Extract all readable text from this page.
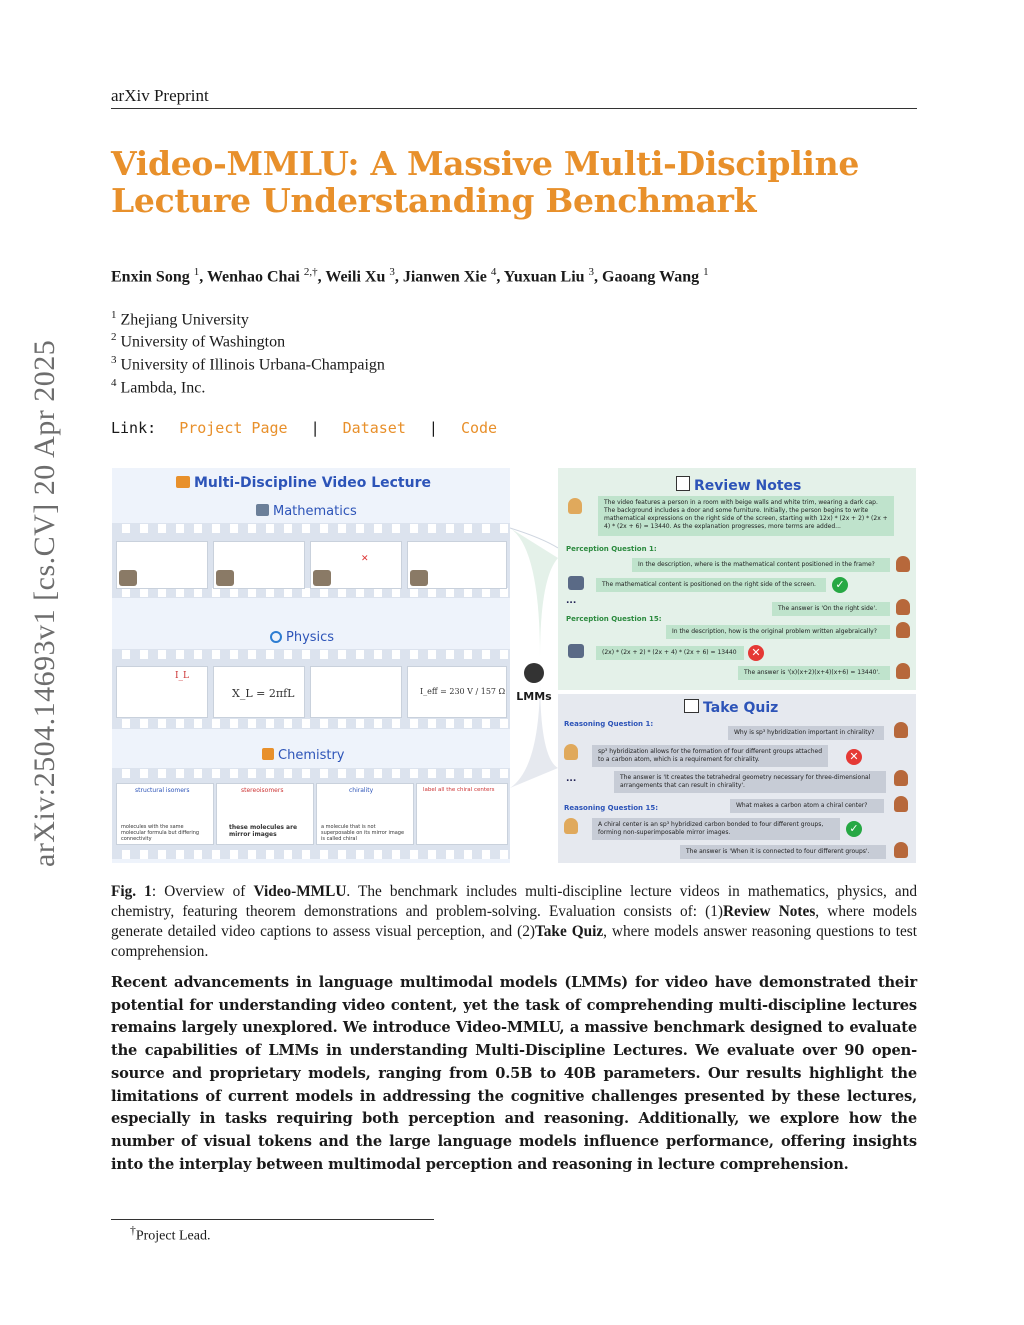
arXiv Preprint
arXiv:2504.14693v1 [cs.CV] 20 Apr 2025
Video-MMLU: A Massive Multi-Discipline Lecture Understanding Benchmark
Enxin Song $^1$, Wenhao Chai $^{2,\dagger}$, Weili Xu $^3$, Jianwen Xie $^4$, Yuxuan Liu $^3$, Gaoang Wang $^1$
$^1$ Zhejiang University
$^2$ University of Washington
$^3$ University of Illinois Urbana-Champaign
$^4$ Lambda, Inc.
Link: Project Page | Dataset | Code
Multi-Discipline Video Lecture
Mathematics
✕
Physics
I_L
X_L = 2πfL	I_eff = 230 V / 157 Ω
Chemistry
structural isomers
molecules with the same molecular formula but differing connectivity
stereoisomers
these molecules are mirror images
chirality
a molecule that is not superposable on its mirror image is called chiral
label all the chiral centers
LMMs
Review Notes
The video features a person in a room with beige walls and white trim, wearing a dark cap. The background includes a door and some furniture. Initially, the person begins to write mathematical expressions on the right side of the screen, starting with 12x) * (2x + 2) * (2x + 4) * (2x + 6) = 13440. As the explanation progresses, more terms are added...
Perception Question 1:
In the description, where is the mathematical content positioned in the frame?
The mathematical content is positioned on the right side of the screen.	✓
...
The answer is 'On the right side'.
Perception Question 15:
In the description, how is the original problem written algebraically?
(2x) * (2x + 2) * (2x + 4) * (2x + 6) = 13440	✕
The answer is '(x)(x+2)(x+4)(x+6) = 13440'.
Take Quiz
Reasoning Question 1:
Why is sp³ hybridization important in chirality?
sp³ hybridization allows for the formation of four different groups attached to a carbon atom, which is a requirement for chirality.	✕
...	The answer is 'It creates the tetrahedral geometry necessary for three-dimensional arrangements that can result in chirality'.
Reasoning Question 15:	What makes a carbon atom a chiral center?
A chiral center is an sp³ hybridized carbon bonded to four different groups, forming non-superimposable mirror images.	✓
The answer is 'When it is connected to four different groups'.
Fig. 1: Overview of Video-MMLU. The benchmark includes multi-discipline lecture videos in mathematics, physics, and chemistry, featuring theorem demonstrations and problem-solving. Evaluation consists of: (1)Review Notes, where models generate detailed video captions to assess visual perception, and (2)Take Quiz, where models answer reasoning questions to test comprehension.
Recent advancements in language multimodal models (LMMs) for video have demonstrated their potential for understanding video content, yet the task of comprehending multi-discipline lectures remains largely unexplored. We introduce Video-MMLU, a massive benchmark designed to evaluate the capabilities of LMMs in understanding Multi-Discipline Lectures. We evaluate over 90 open-source and proprietary models, ranging from 0.5B to 40B parameters. Our results highlight the limitations of current models in addressing the cognitive challenges presented by these lectures, especially in tasks requiring both perception and reasoning. Additionally, we explore how the number of visual tokens and the large language models influence performance, offering insights into the interplay between multimodal perception and reasoning in lecture comprehension.
†Project Lead.
